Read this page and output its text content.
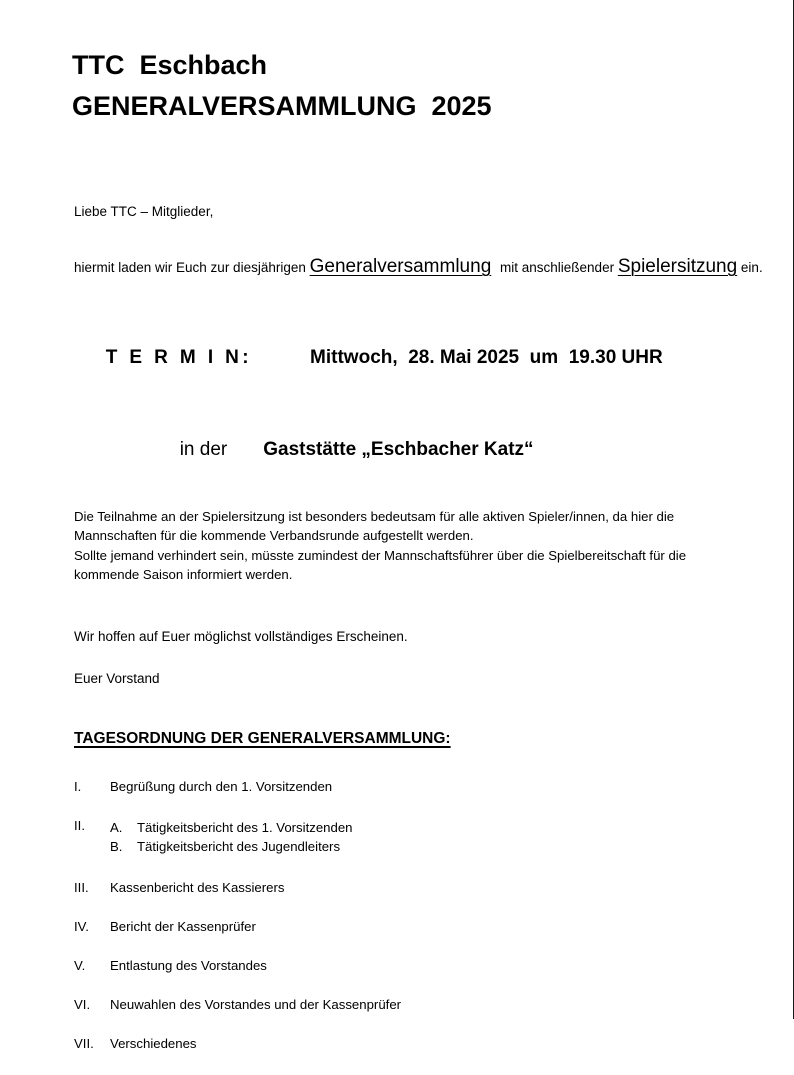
TTC  Eschbach
GENERALVERSAMMLUNG  2025
Liebe TTC – Mitglieder,
hiermit laden wir Euch zur diesjährigen Generalversammlung mit anschließender Spielersitzung ein.

T E R M I N:	Mittwoch,  28. Mai 2025  um  19.30 UHR

in der Gaststätte „Eschbacher Katz“

Die Teilnahme an der Spielersitzung ist besonders bedeutsam für alle aktiven Spieler/innen, da hier die Mannschaften für die kommende Verbandsrunde aufgestellt werden.

Sollte jemand verhindert sein, müsste zumindest der Mannschaftsführer über die Spielbereitschaft für die kommende Saison informiert werden.

Wir hoffen auf Euer möglichst vollständiges Erscheinen.
Euer Vorstand
TAGESORDNUNG DER GENERALVERSAMMLUNG:
I.	Begrüßung durch den 1. Vorsitzenden
II.	A.	Tätigkeitsbericht des 1. Vorsitzenden
B.	Tätigkeitsbericht des Jugendleiters
III.	Kassenbericht des Kassierers
IV.	Bericht der Kassenprüfer
V.	Entlastung des Vorstandes
VI.	Neuwahlen des Vorstandes und der Kassenprüfer
VII.	Verschiedenes
